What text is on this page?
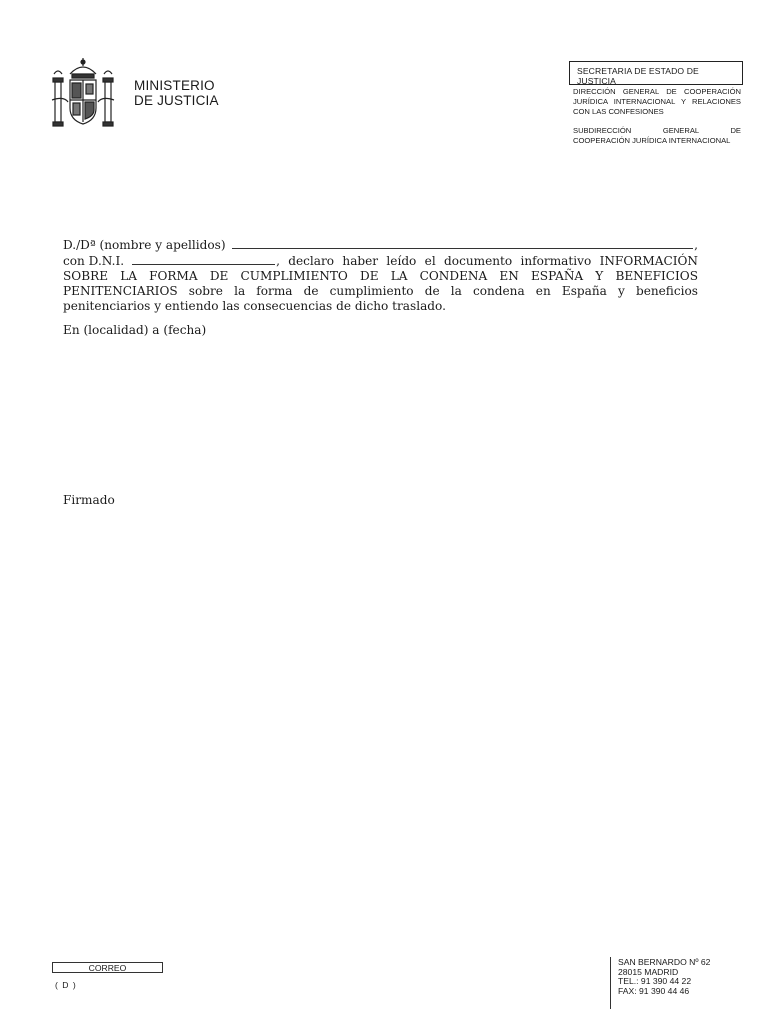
MINISTERIO
DE JUSTICIA
SECRETARIA DE ESTADO DE
JUSTICIA
DIRECCIÓN GENERAL DE COOPERACIÓN JURÍDICA INTERNACIONAL Y RELACIONES CON LAS CONFESIONES
SUBDIRECCIÓN GENERAL DE COOPERACIÓN JURÍDICA INTERNACIONAL
D./Dª (nombre y apellidos)	,
con D.N.I.	, declaro haber leído el documento informativo INFORMACIÓN
SOBRE LA FORMA DE CUMPLIMIENTO DE LA CONDENA EN ESPAÑA Y BENEFICIOS
PENITENCIARIOS sobre la forma de cumplimiento de la condena en España y beneficios
penitenciarios y entiendo las consecuencias de dicho traslado.
En (localidad) a (fecha)
Firmado
CORREO
( D )
SAN BERNARDO Nº 62
28015 MADRID
TEL.: 91 390 44 22
FAX: 91 390 44 46
